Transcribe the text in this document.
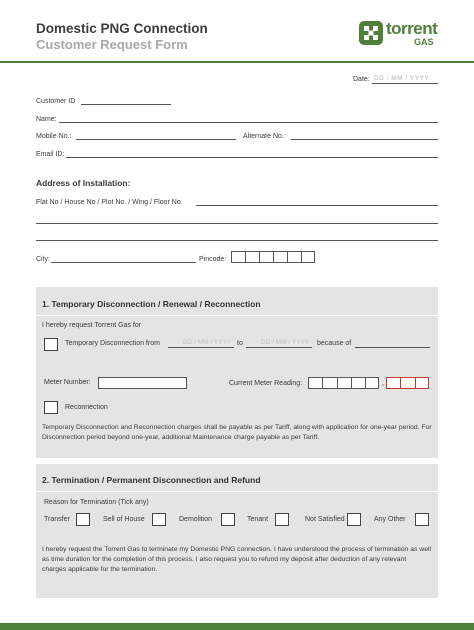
Domestic PNG Connection
Customer Request Form
torrent
GAS
Date: DD / MM / YYYY
Customer ID
Name:
Mobile No.:	Alternate No.:
Email ID:
Address of Installation:
Flat No / House No / Plot No. / Wing / Floor No.
City:	Pincode:
1. Temporary Disconnection / Renewal / Reconnection
I hereby request Torrent Gas for
Temporary Disconnection from	DD / MM / YYYY to	DD / MM / YYYY because of
Meter Number:	Current Meter Reading:	,
Reconnection
Temporary Disconnection and Reconnection charges shall be payable as per Tariff, along with application for one-year period. For Disconnection period beyond one-year, additional Maintenance charge payable as per Tariff.
2. Termination / Permanent Disconnection and Refund
Reason for Termination (Tick any)
Transfer	Sell of House	Demolition	Tenant	Not Satisfied	Any Other
I hereby request the Torrent Gas to terminate my Domestic PNG connection. I have understood the process of termination as well as time duration for the completion of this process. I also request you to refund my deposit after deduction of any relevant charges applicable for the termination.
